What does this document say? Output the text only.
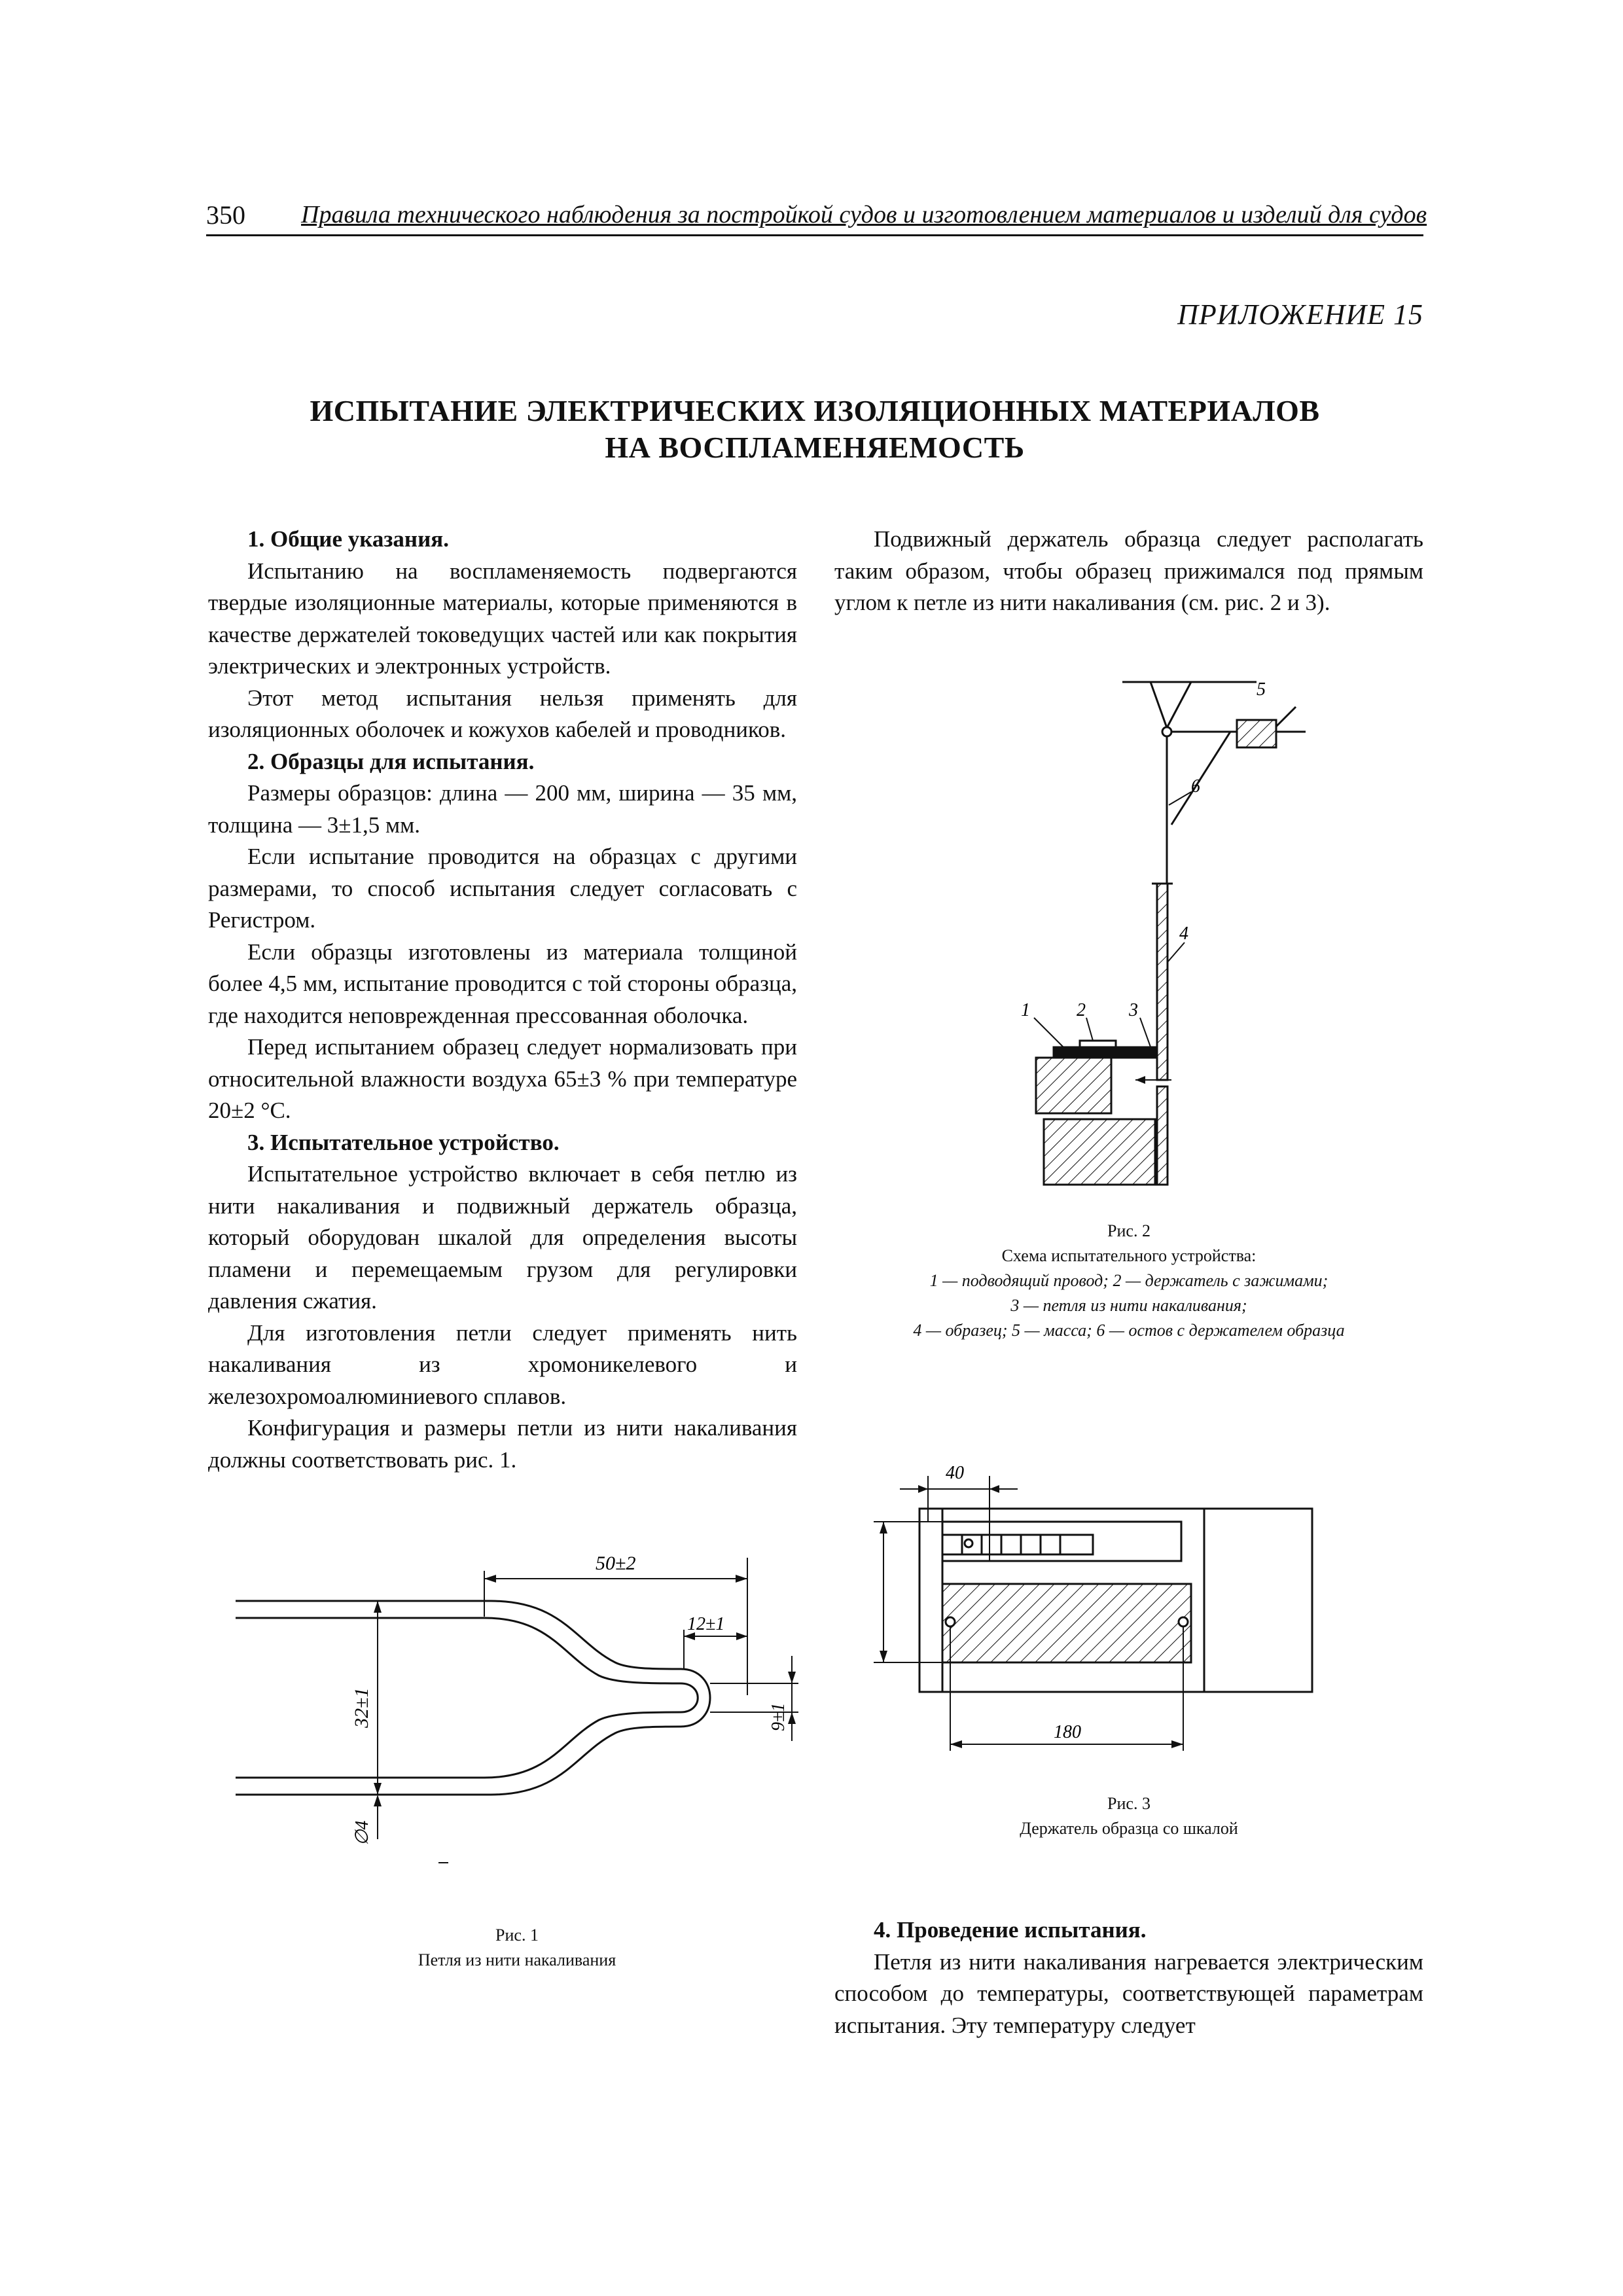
350 Правила технического наблюдения за постройкой судов и изготовлением материалов и изделий для судов
ПРИЛОЖЕНИЕ 15
ИСПЫТАНИЕ ЭЛЕКТРИЧЕСКИХ ИЗОЛЯЦИОННЫХ МАТЕРИАЛОВ
НА ВОСПЛАМЕНЯЕМОСТЬ
1. Общие указания.

Испытанию на воспламеняемость подвергаются твердые изоляционные материалы, которые применяются в качестве держателей токоведущих частей или как покрытия электрических и электронных устройств.

Этот метод испытания нельзя применять для изоляционных оболочек и кожухов кабелей и проводников.

2. Образцы для испытания.

Размеры образцов: длина — 200 мм, ширина — 35 мм, толщина — 3±1,5 мм.

Если испытание проводится на образцах с другими размерами, то способ испытания следует согласовать с Регистром.

Если образцы изготовлены из материала толщиной более 4,5 мм, испытание проводится с той стороны образца, где находится неповрежденная прессованная оболочка.

Перед испытанием образец следует нормализовать при относительной влажности воздуха 65±3 % при температуре 20±2 °С.

3. Испытательное устройство.

Испытательное устройство включает в себя петлю из нити накаливания и подвижный держатель образца, который оборудован шкалой для определения высоты пламени и перемещаемым грузом для регулировки давления сжатия.

Для изготовления петли следует применять нить накаливания из хромоникелевого и железохромоалюминиевого сплавов.

Конфигурация и размеры петли из нити накаливания должны соответствовать рис. 1.

Подвижный держатель образца следует располагать таким образом, чтобы образец прижимался под прямым углом к петле из нити накаливания (см. рис. 2 и 3).

50±2
12±1
32±1	9±1
∅4
Рис. 1
Петля из нити накаливания
5
6
4
1	2 3
Рис. 2
Схема испытательного устройства:
1 — подводящий провод; 2 — держатель с зажимами;
3 — петля из нити накаливания;
4 — образец; 5 — масса; 6 — остов с держателем образца
40
180
Рис. 3
Держатель образца со шкалой
4. Проведение испытания.

Петля из нити накаливания нагревается электрическим способом до температуры, соответствующей параметрам испытания. Эту температуру следует
